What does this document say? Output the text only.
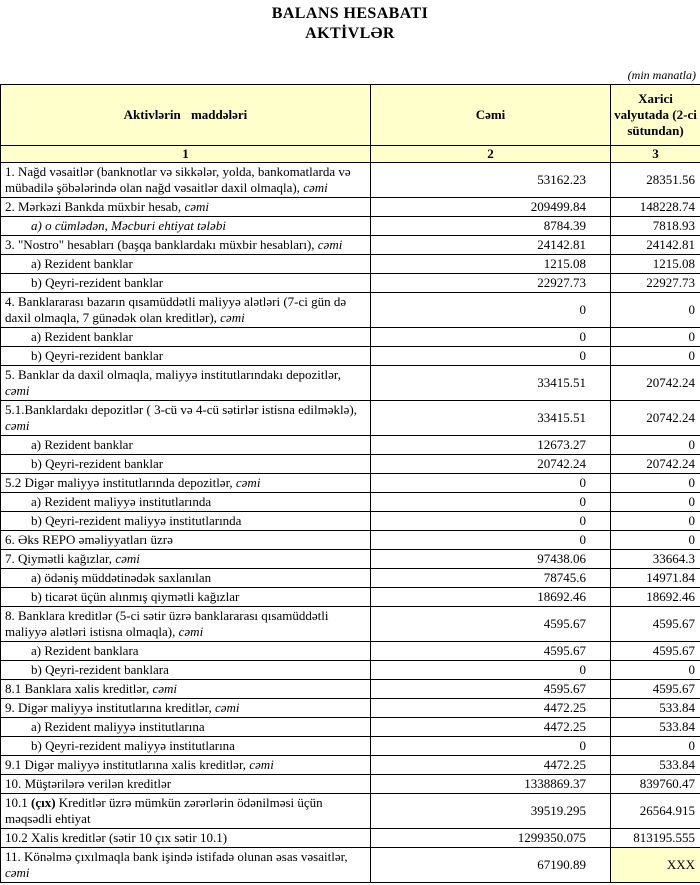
BALANS HESABATI
AKTİVLƏR
(min manatla)
Aktivlərin maddələri	Cəmi	Xarici valyutada (2-ci sütundan)
1	2	3
1. Nağd vəsaitlər (banknotlar və sikkələr, yolda, bankomatlarda və mübadilə şöbələrində olan nağd vəsaitlər daxil olmaqla), cəmi	53162.23	28351.56
2. Mərkəzi Bankda müxbir hesab, cəmi	209499.84	148228.74
a) o cümlədən, Məcburi ehtiyat tələbi	8784.39	7818.93
3. "Nostro" hesabları (başqa banklardakı müxbir hesabları), cəmi	24142.81	24142.81
a) Rezident banklar	1215.08	1215.08
b) Qeyri-rezident banklar	22927.73	22927.73
4. Banklararası bazarın qısamüddətli maliyyə alətləri (7-ci gün də daxil olmaqla, 7 günədək olan kreditlər), cəmi	0	0
a) Rezident banklar	0	0
b) Qeyri-rezident banklar	0	0
5. Banklar da daxil olmaqla, maliyyə institutlarındakı depozitlər, cəmi	33415.51	20742.24
5.1.Banklardakı depozitlər ( 3-cü və 4-cü sətirlər istisna edilməklə), cəmi	33415.51	20742.24
a) Rezident banklar	12673.27	0
b) Qeyri-rezident banklar	20742.24	20742.24
5.2 Digər maliyyə institutlarında depozitlər, cəmi	0	0
a) Rezident maliyyə institutlarında	0	0
b) Qeyri-rezident maliyyə institutlarında	0	0
6. Əks REPO əməliyyatları üzrə	0	0
7. Qiymətli kağızlar, cəmi	97438.06	33664.3
a) ödəniş müddətinədək saxlanılan	78745.6	14971.84
b) ticarət üçün alınmış qiymətli kağızlar	18692.46	18692.46
8. Banklara kreditlər (5-ci sətir üzrə banklararası qısamüddətli maliyyə alətləri istisna olmaqla), cəmi	4595.67	4595.67
a) Rezident banklara	4595.67	4595.67
b) Qeyri-rezident banklara	0	0
8.1 Banklara xalis kreditlər, cəmi	4595.67	4595.67
9. Digər maliyyə institutlarına kreditlər, cəmi	4472.25	533.84
a) Rezident maliyyə institutlarına	4472.25	533.84
b) Qeyri-rezident maliyyə institutlarına	0	0
9.1 Digər maliyyə institutlarına xalis kreditlər, cəmi	4472.25	533.84
10. Müştərilərə verilən kreditlər	1338869.37	839760.47
10.1 (çıx) Kreditlər üzrə mümkün zərərlərin ödənilməsi üçün məqsədli ehtiyat	39519.295	26564.915
10.2 Xalis kreditlər (sətir 10 çıx sətir 10.1)	1299350.075	813195.555
11. Könəlmə çıxılmaqla bank işində istifadə olunan əsas vəsaitlər, cəmi	67190.89	XXX
